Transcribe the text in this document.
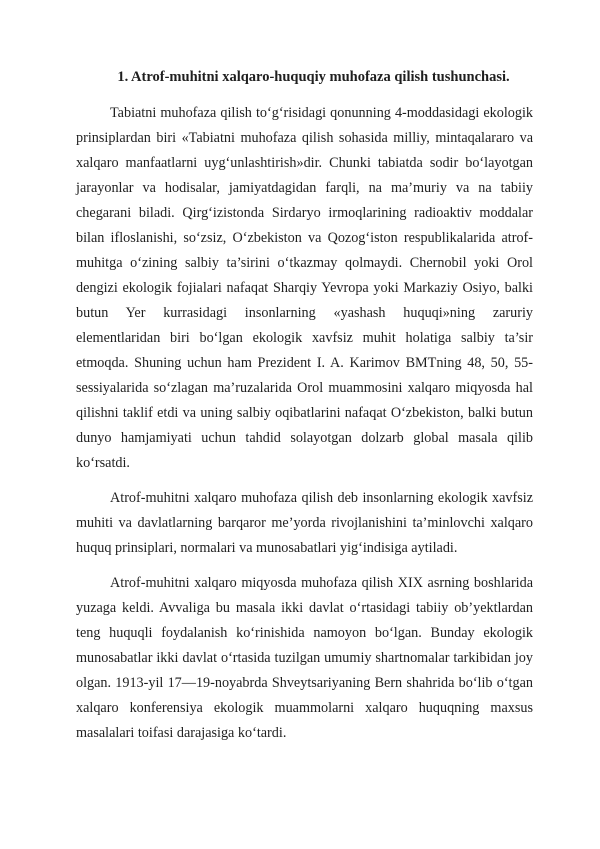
1. Atrof-muhitni xalqaro-huquqiy muhofaza qilish tushunchasi.

Tabiatni muhofaza qilish to‘g‘risidagi qonunning 4-moddasidagi ekologik prinsiplardan biri «Tabiatni muhofaza qilish sohasida milliy, mintaqalararo va xalqaro manfaatlarni uyg‘unlashtirish»dir. Chunki tabiatda sodir bo‘layotgan jarayonlar va hodisalar, jamiyatdagidan farqli, na ma’muriy va na tabiiy chegarani biladi. Qirg‘izistonda Sirdaryo irmoqlarining radioaktiv moddalar bilan ifloslanishi, so‘zsiz, O‘zbekiston va Qozog‘iston respublikalarida atrof-muhitga o‘zining salbiy ta’sirini o‘tkazmay qolmaydi. Chernobil yoki Orol dengizi ekologik fojialari nafaqat Sharqiy Yevropa yoki Markaziy Osiyo, balki butun Yer kurrasidagi insonlarning «yashash huquqi»ning zaruriy elementlaridan biri bo‘lgan ekologik xavfsiz muhit holatiga salbiy ta’sir etmoqda. Shuning uchun ham Prezident I. A. Karimov BMTning 48, 50, 55-sessiyalarida so‘zlagan ma’ruzalarida Orol muammosini xalqaro miqyosda hal qilishni taklif etdi va uning salbiy oqibatlarini nafaqat O‘zbekiston, balki butun dunyo hamjamiyati uchun tahdid solayotgan dolzarb global masala qilib ko‘rsatdi.

Atrof-muhitni xalqaro muhofaza qilish deb insonlarning ekologik xavfsiz muhiti va davlatlarning barqaror me’yorda rivojlanishini ta’minlovchi xalqaro huquq prinsiplari, normalari va munosabatlari yig‘indisiga aytiladi.

Atrof-muhitni xalqaro miqyosda muhofaza qilish XIX asrning boshlarida yuzaga keldi. Avvaliga bu masala ikki davlat o‘rtasidagi tabiiy ob’yektlardan teng huquqli foydalanish ko‘rinishida namoyon bo‘lgan. Bunday ekologik munosabatlar ikki davlat o‘rtasida tuzilgan umumiy shartnomalar tarkibidan joy olgan. 1913-yil 17—19-noyabrda Shveytsariyaning Bern shahrida bo‘lib o‘tgan xalqaro konferensiya ekologik muammolarni xalqaro huquqning maxsus masalalari toifasi darajasiga ko‘tardi.
